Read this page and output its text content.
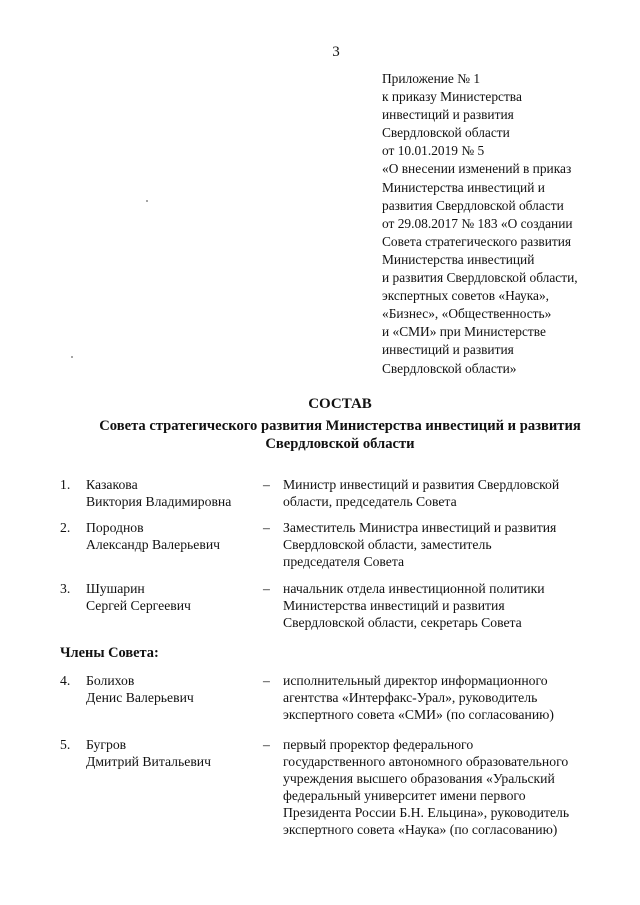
3
Приложение № 1
к приказу Министерства
инвестиций и развития
Свердловской области
от 10.01.2019 № 5
«О внесении изменений в приказ
Министерства инвестиций и
развития Свердловской области
от 29.08.2017 № 183 «О создании
Совета стратегического развития
Министерства инвестиций
и развития Свердловской области,
экспертных советов «Наука»,
«Бизнес», «Общественность»
и «СМИ» при Министерстве
инвестиций и развития
Свердловской области»
СОСТАВ
Совета стратегического развития Министерства инвестиций и развития
Свердловской области
1. Казакова
Виктория Владимировна
– Министр инвестиций и развития Свердловской
области, председатель Совета
2. Породнов
Александр Валерьевич
– Заместитель Министра инвестиций и развития
Свердловской области, заместитель
председателя Совета
3. Шушарин
Сергей Сергеевич
– начальник отдела инвестиционной политики
Министерства инвестиций и развития
Свердловской области, секретарь Совета
Члены Совета:
4. Болихов
Денис Валерьевич
– исполнительный директор информационного
агентства «Интерфакс-Урал», руководитель
экспертного совета «СМИ» (по согласованию)
5. Бугров
Дмитрий Витальевич
– первый проректор федерального
государственного автономного образовательного
учреждения высшего образования «Уральский
федеральный университет имени первого
Президента России Б.Н. Ельцина», руководитель
экспертного совета «Наука» (по согласованию)
